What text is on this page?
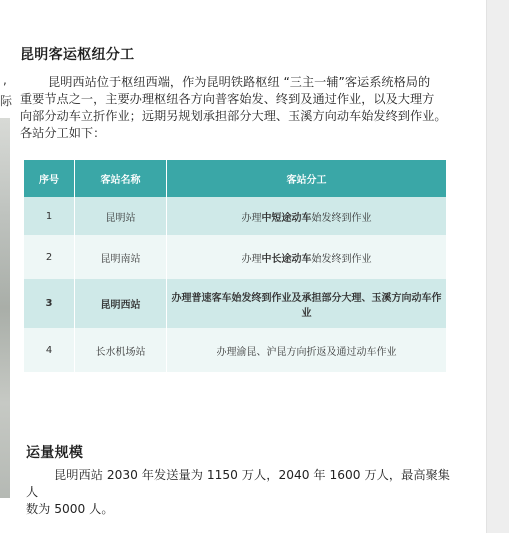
,
际
昆明客运枢纽分工

昆明西站位于枢纽西端，作为昆明铁路枢纽 “三主一辅”客运系统格局的

重要节点之一，主要办理枢纽各方向普客始发、终到及通过作业，以及大理方

向部分动车立折作业；远期另规划承担部分大理、玉溪方向动车始发终到作业。

各站分工如下：

序号	客站名称	客站分工
1	昆明站	办理中短途动车始发终到作业
2	昆明南站	办理中长途动车始发终到作业
3	昆明西站	办理普速客车始发终到作业及承担部分大理、玉溪方向动车作业
4	长水机场站	办理渝昆、沪昆方向折返及通过动车作业
运量规模

昆明西站 2030 年发送量为 1150 万人，2040 年 1600 万人，最高聚集人

数为 5000 人。
